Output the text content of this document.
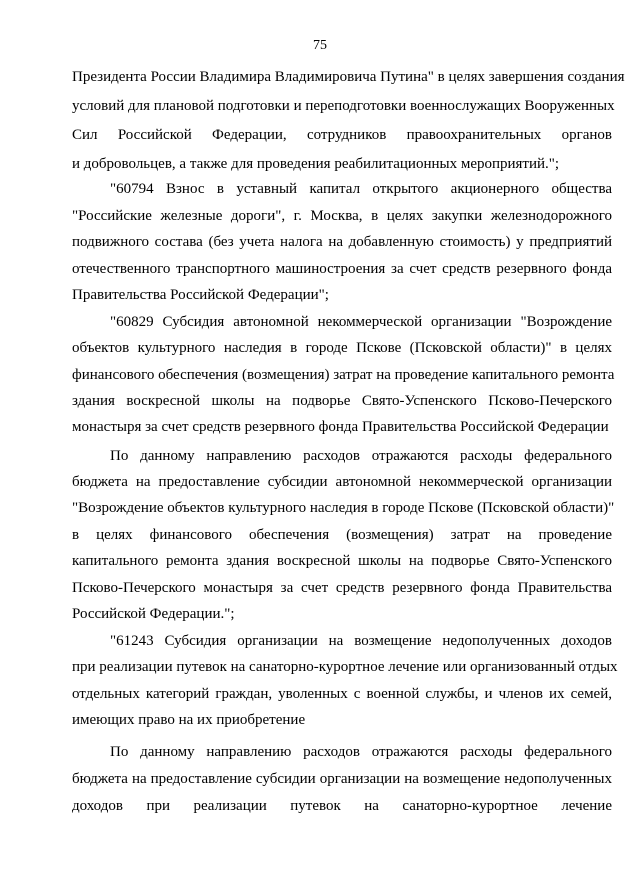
75
Президента России Владимира Владимировича Путина" в целях завершения создания
условий для плановой подготовки и переподготовки военнослужащих Вооруженных
Сил Российской Федерации, сотрудников правоохранительных органов
и добровольцев, а также для проведения реабилитационных мероприятий.";
"60794 Взнос в уставный капитал открытого акционерного общества
"Российские железные дороги", г. Москва, в целях закупки железнодорожного
подвижного состава (без учета налога на добавленную стоимость) у предприятий
отечественного транспортного машиностроения за счет средств резервного фонда
Правительства Российской Федерации";
"60829 Субсидия автономной некоммерческой организации "Возрождение
объектов культурного наследия в городе Пскове (Псковской области)" в целях
финансового обеспечения (возмещения) затрат на проведение капитального ремонта
здания воскресной школы на подворье Свято-Успенского Псково-Печерского
монастыря за счет средств резервного фонда Правительства Российской Федерации
По данному направлению расходов отражаются расходы федерального
бюджета на предоставление субсидии автономной некоммерческой организации
"Возрождение объектов культурного наследия в городе Пскове (Псковской области)"
в целях финансового обеспечения (возмещения) затрат на проведение
капитального ремонта здания воскресной школы на подворье Свято-Успенского
Псково-Печерского монастыря за счет средств резервного фонда Правительства
Российской Федерации.";
"61243 Субсидия организации на возмещение недополученных доходов
при реализации путевок на санаторно-курортное лечение или организованный отдых
отдельных категорий граждан, уволенных с военной службы, и членов их семей,
имеющих право на их приобретение
По данному направлению расходов отражаются расходы федерального
бюджета на предоставление субсидии организации на возмещение недополученных
доходов при реализации путевок на санаторно-курортное лечение
